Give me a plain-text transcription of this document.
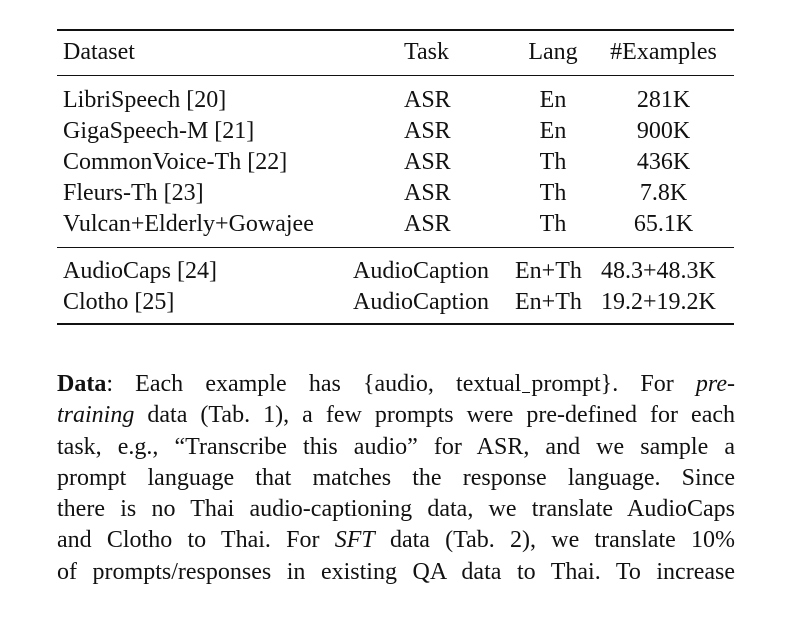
Dataset	Task	Lang	#Examples
LibriSpeech [20]	ASR	En	281K
GigaSpeech-M [21]	ASR	En	900K
CommonVoice-Th [22]	ASR	Th	436K
Fleurs-Th [23]	ASR	Th	7.8K
Vulcan+Elderly+Gowajee	ASR	Th	65.1K
AudioCaps [24]	AudioCaption En+Th 48.3+48.3K
Clotho [25]	AudioCaption En+Th 19.2+19.2K
Data: Each example has {audio, textual prompt}. For pre-
training data (Tab. 1), a few prompts were pre-defined for each
task, e.g., “Transcribe this audio” for ASR, and we sample a
prompt language that matches the response language. Since
there is no Thai audio-captioning data, we translate AudioCaps
and Clotho to Thai. For SFT data (Tab. 2), we translate 10%
of prompts/responses in existing QA data to Thai. To increase
